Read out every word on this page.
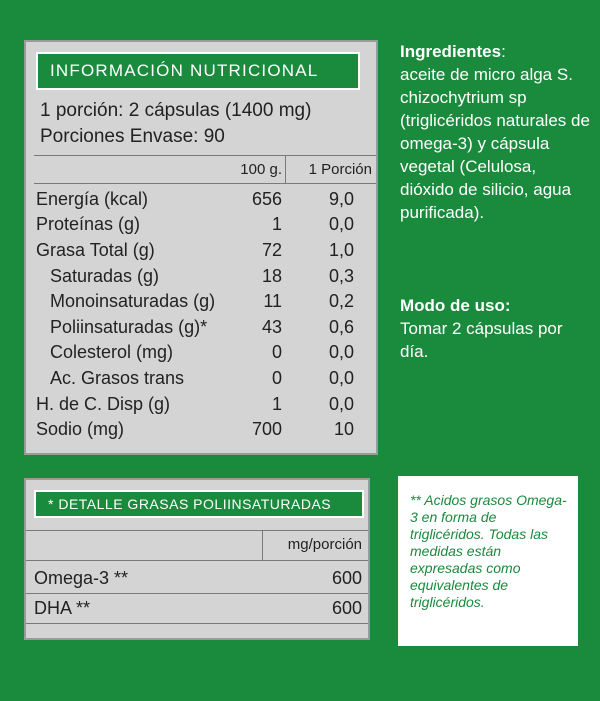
INFORMACIÓN NUTRICIONAL
1 porción: 2 cápsulas (1400 mg)
Porciones Envase: 90
100 g. 1 Porción
Energía (kcal)	656	9,0
Proteínas (g)	1	0,0
Grasa Total (g)	72	1,0
Saturadas (g)	18	0,3
Monoinsaturadas (g)	11	0,2
Poliinsaturadas (g)*	43	0,6
Colesterol (mg)	0	0,0
Ac. Grasos trans	0	0,0
H. de C. Disp (g)	1	0,0
Sodio (mg)	700	10
Ingredientes:
aceite de micro alga S. chizochytrium sp (triglicéridos naturales de omega-3) y cápsula vegetal (Celulosa, dióxido de silicio, agua purificada).
Modo de uso:
Tomar 2 cápsulas por día.
* DETALLE GRASAS POLIINSATURADAS
mg/porción
Omega-3 **	600
DHA **	600
** Acidos grasos Omega-3 en forma de triglicéridos. Todas las medidas están expresadas como equivalentes de triglicéridos.
